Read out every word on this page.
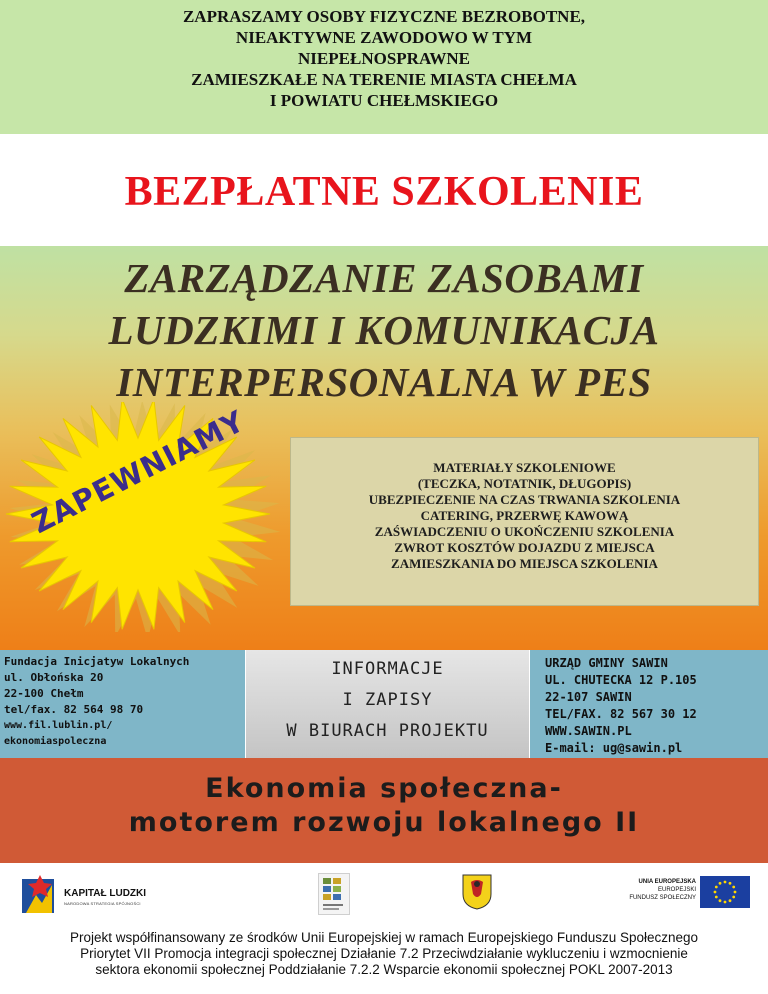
ZAPRASZAMY OSOBY FIZYCZNE BEZROBOTNE,
NIEAKTYWNE ZAWODOWO W TYM
NIEPEŁNOSPRAWNE
ZAMIESZKAŁE NA TERENIE MIASTA CHEŁMA
I POWIATU CHEŁMSKIEGO
BEZPŁATNE SZKOLENIE
ZARZĄDZANIE ZASOBAMI
LUDZKIMI I KOMUNIKACJA
INTERPERSONALNA W PES
ZAPEWNIAMY	MATERIAŁY SZKOLENIOWE
(TECZKA, NOTATNIK, DŁUGOPIS)
UBEZPIECZENIE NA CZAS TRWANIA SZKOLENIA
CATERING, PRZERWĘ KAWOWĄ
ZAŚWIADCZENIU O UKOŃCZENIU SZKOLENIA
ZWROT KOSZTÓW DOJAZDU Z MIEJSCA
ZAMIESZKANIA DO MIEJSCA SZKOLENIA
Fundacja Inicjatyw Lokalnych
ul. Obłońska 20
22-100 Chełm
tel/fax. 82 564 98 70
www.fil.lublin.pl/
ekonomiaspoleczna
INFORMACJE
I ZAPISY
W BIURACH PROJEKTU
URZĄD GMINY SAWIN
UL. CHUTECKA 12 P.105
22-107 SAWIN
TEL/FAX. 82 567 30 12
WWW.SAWIN.PL
E-mail: ug@sawin.pl
Ekonomia społeczna-
motorem rozwoju lokalnego II
KAPITAŁ LUDZKI
NARODOWA STRATEGIA SPÓJNOŚCI
UNIA EUROPEJSKA
EUROPEJSKI
FUNDUSZ SPOŁECZNY
Projekt współfinansowany ze środków Unii Europejskiej w ramach Europejskiego Funduszu Społecznego
Priorytet VII Promocja integracji społecznej Działanie 7.2 Przeciwdziałanie wykluczeniu i wzmocnienie
sektora ekonomii społecznej Poddziałanie 7.2.2 Wsparcie ekonomii społecznej POKL 2007-2013
